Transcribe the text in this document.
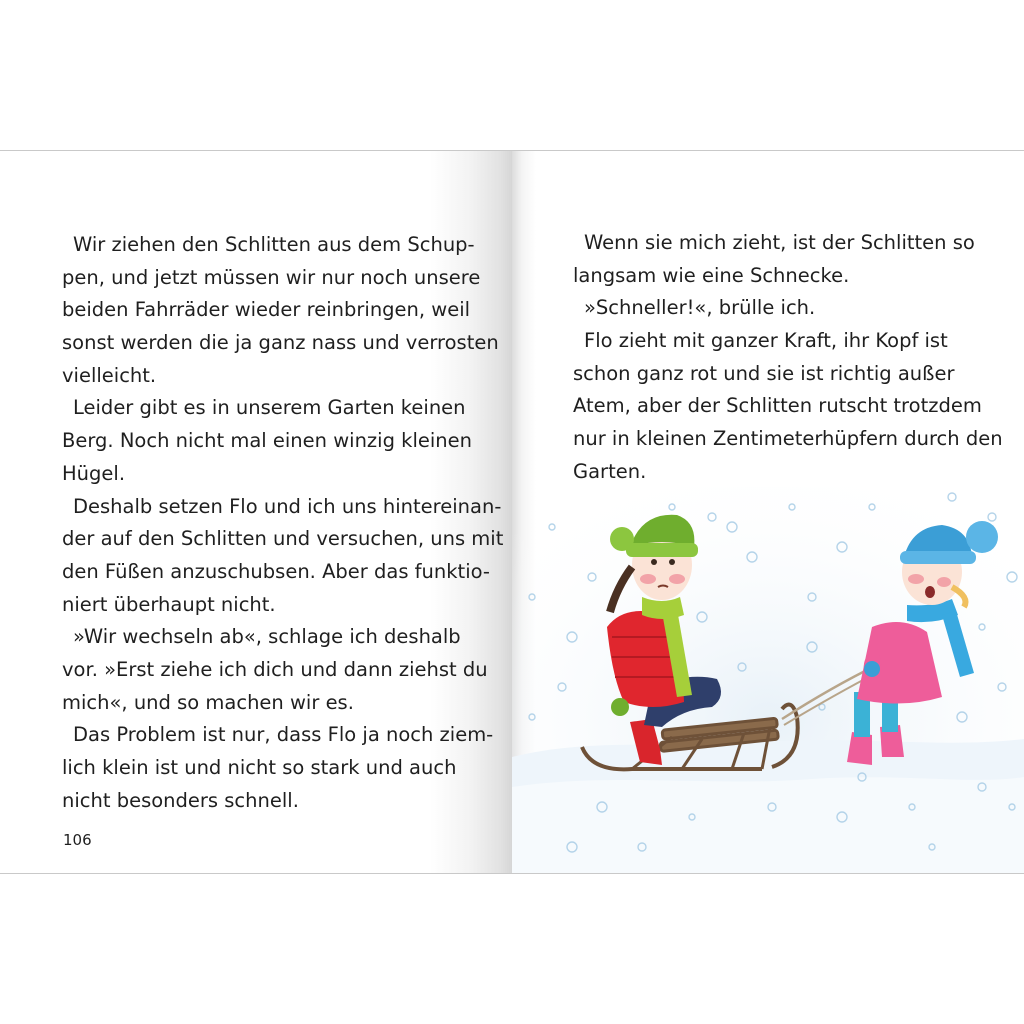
Wir ziehen den Schlitten aus dem Schup-
pen, und jetzt müssen wir nur noch unsere
beiden Fahrräder wieder reinbringen, weil
sonst werden die ja ganz nass und verrosten
vielleicht.
Leider gibt es in unserem Garten keinen
Berg. Noch nicht mal einen winzig kleinen
Hügel.
Deshalb setzen Flo und ich uns hintereinan-
der auf den Schlitten und versuchen, uns mit
den Füßen anzuschubsen. Aber das funktio-
niert überhaupt nicht.
»Wir wechseln ab«, schlage ich deshalb
vor. »Erst ziehe ich dich und dann ziehst du
mich«, und so machen wir es.
Das Problem ist nur, dass Flo ja noch ziem-
lich klein ist und nicht so stark und auch
nicht besonders schnell.
106
Wenn sie mich zieht, ist der Schlitten so
langsam wie eine Schnecke.
»Schneller!«, brülle ich.
Flo zieht mit ganzer Kraft, ihr Kopf ist
schon ganz rot und sie ist richtig außer
Atem, aber der Schlitten rutscht trotzdem
nur in kleinen Zentimeterhüpfern durch den
Garten.
